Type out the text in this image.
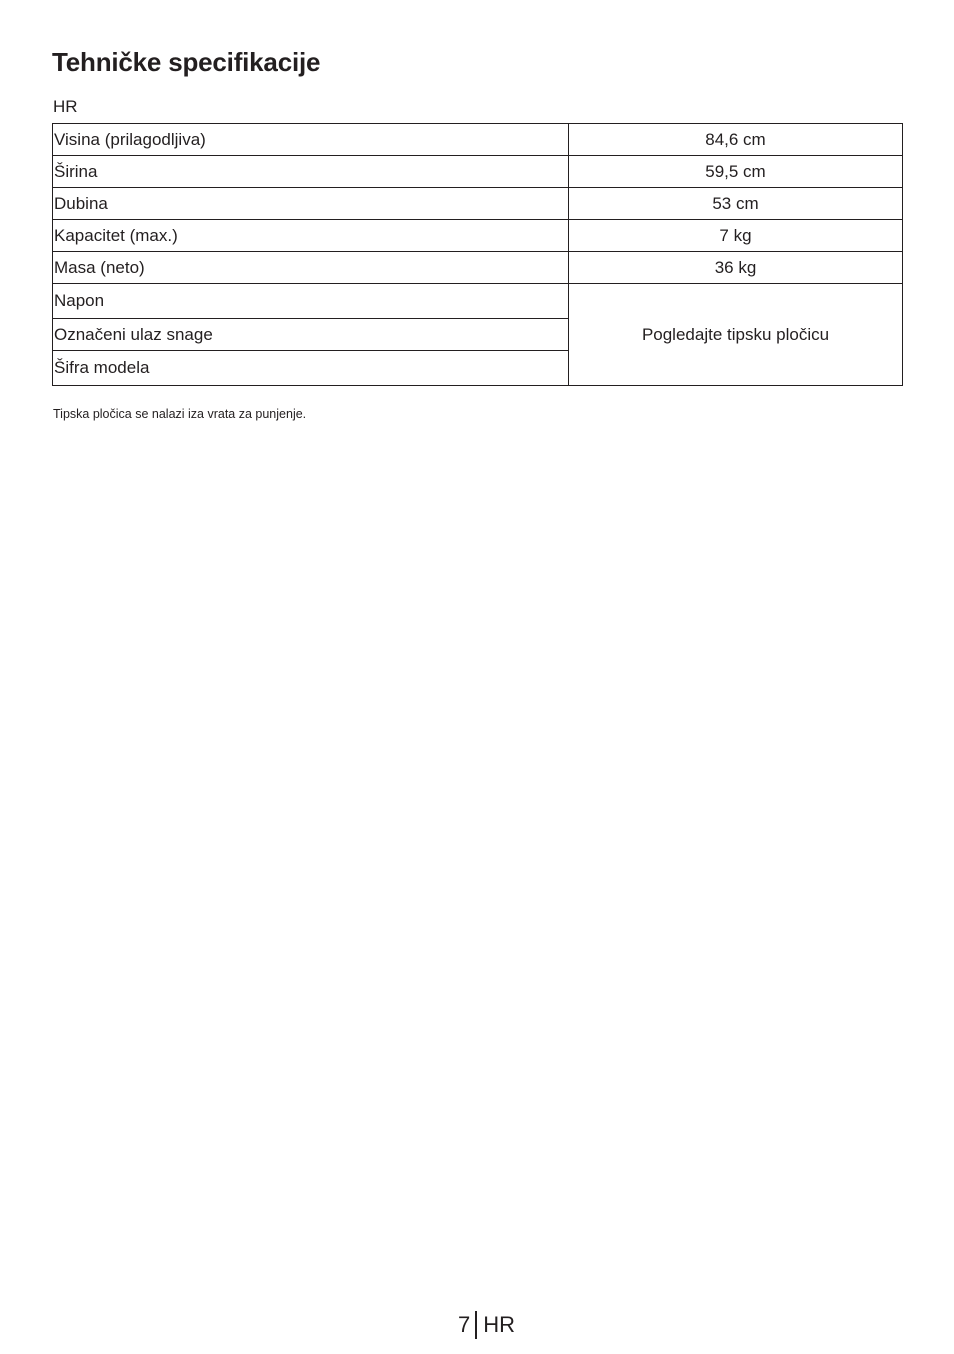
Tehničke specifikacije
HR
Visina (prilagodljiva)	84,6 cm
Širina	59,5 cm
Dubina	53 cm
Kapacitet (max.)	7 kg
Masa (neto)	36 kg
Napon	Pogledajte tipsku pločicu
Označeni ulaz snage	
Šifra modela	
Tipska pločica se nalazi iza vrata za punjenje.
7 HR
